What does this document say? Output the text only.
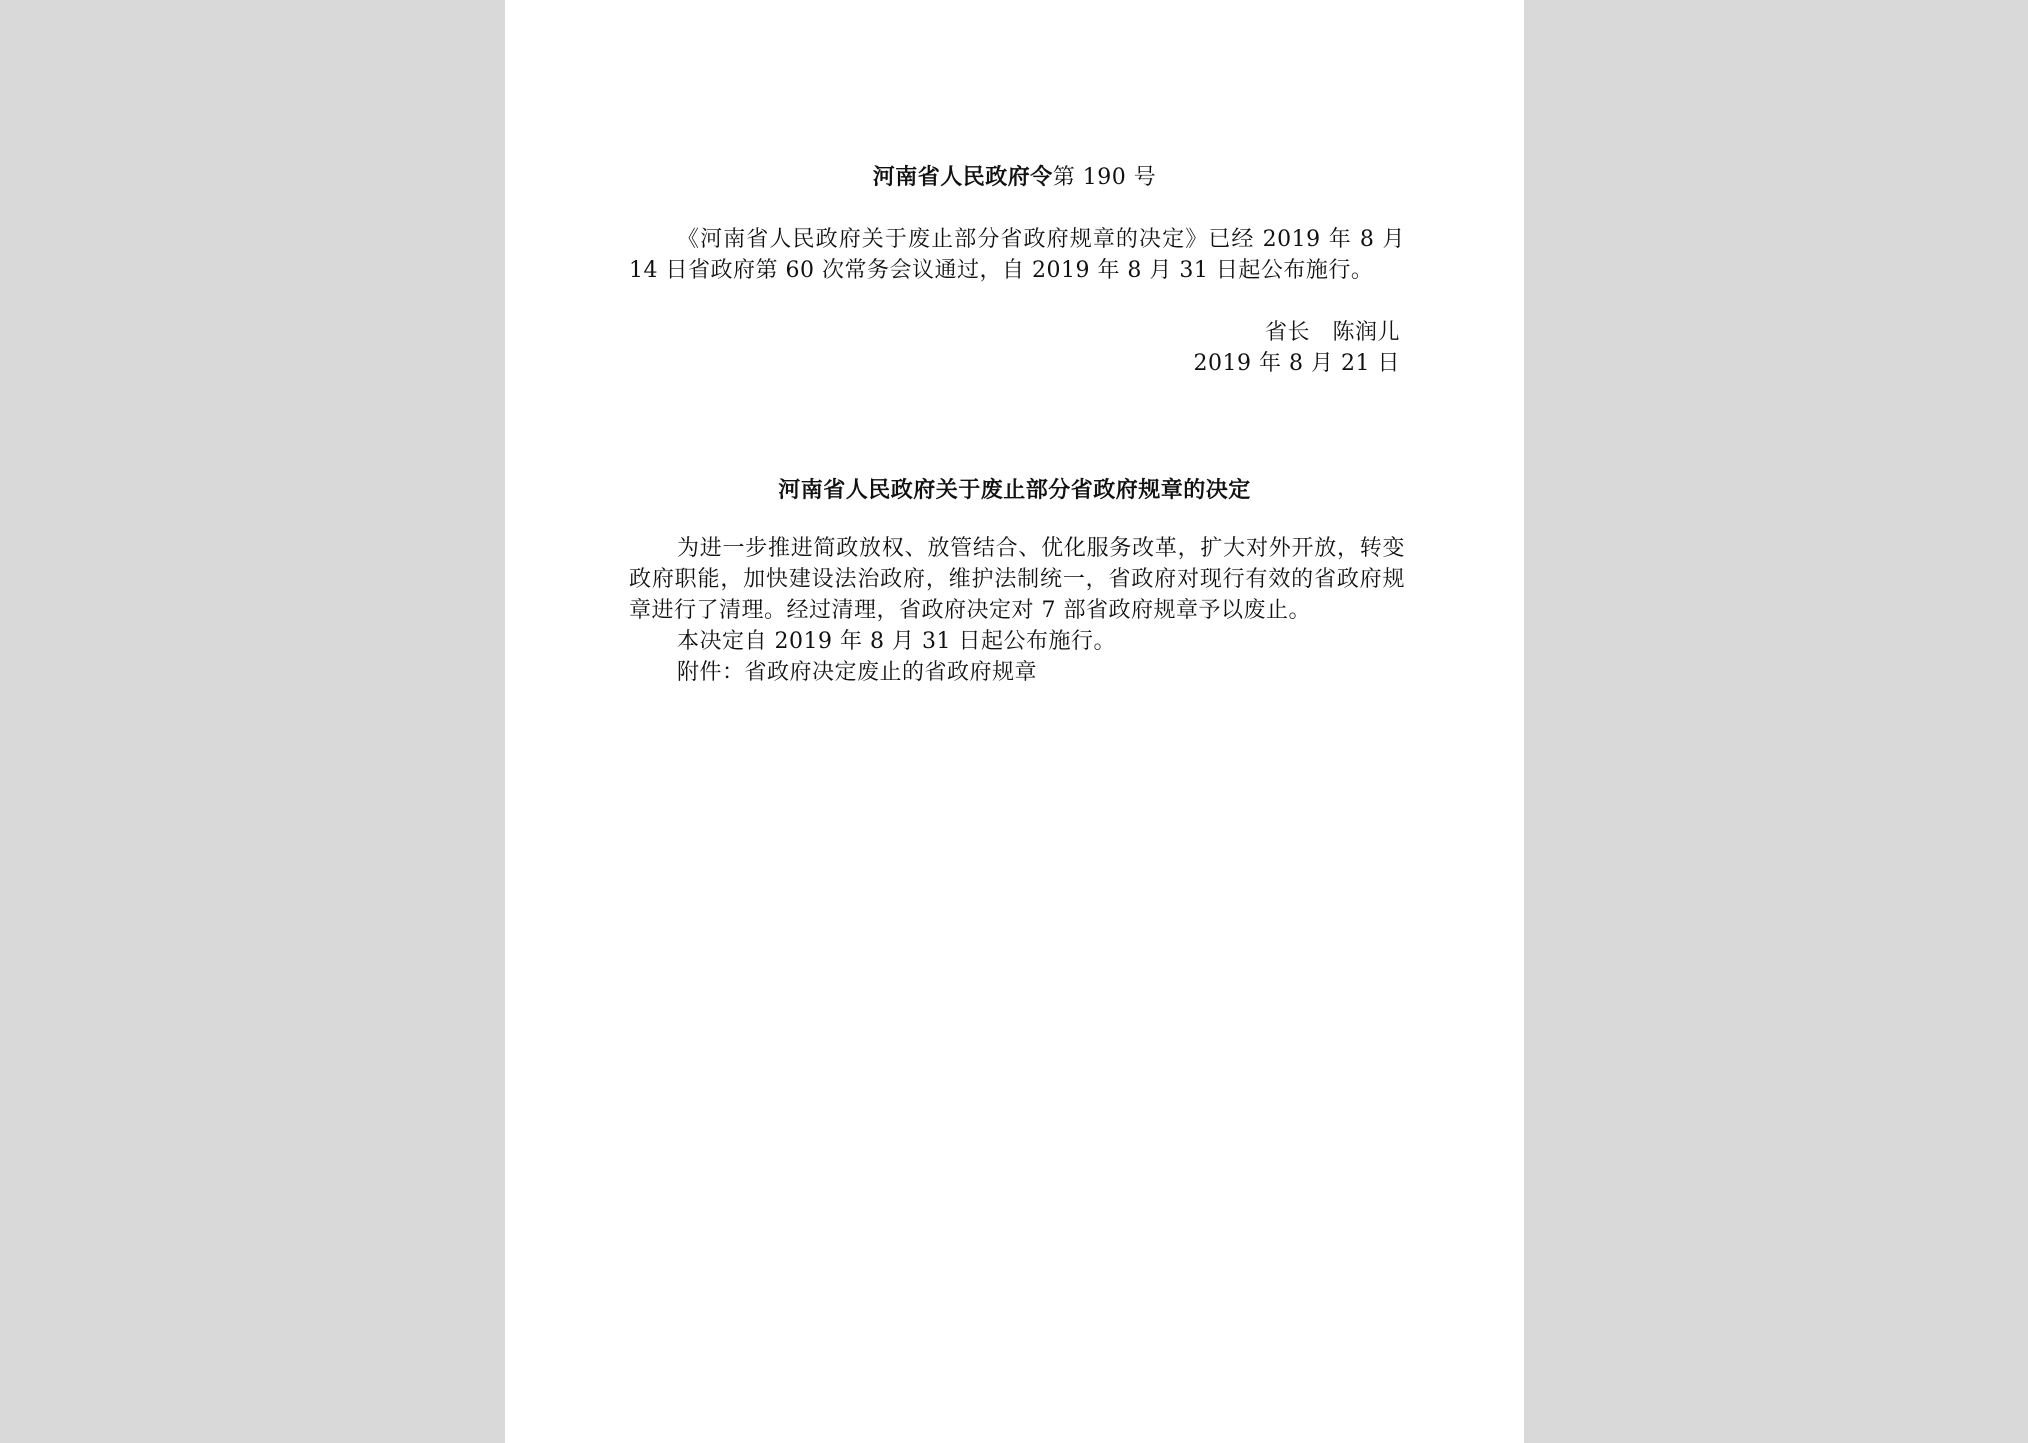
河南省人民政府令第 190 号
《河南省人民政府关于废止部分省政府规章的决定》已经 2019 年 8 月 14 日省政府第 60 次常务会议通过，自 2019 年 8 月 31 日起公布施行。
省长　陈润儿
2019 年 8 月 21 日
河南省人民政府关于废止部分省政府规章的决定

为进一步推进简政放权、放管结合、优化服务改革，扩大对外开放，转变政府职能，加快建设法治政府，维护法制统一，省政府对现行有效的省政府规章进行了清理。经过清理，省政府决定对 7 部省政府规章予以废止。

本决定自 2019 年 8 月 31 日起公布施行。

附件：省政府决定废止的省政府规章
